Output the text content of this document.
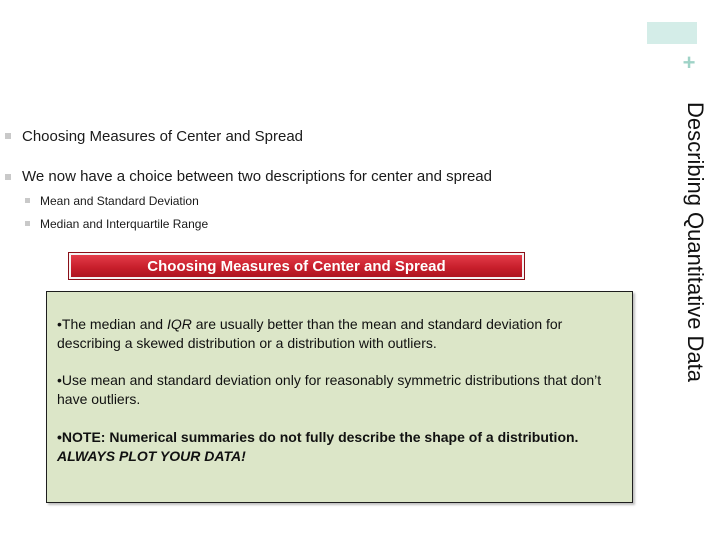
+
Describing Quantitative Data
Choosing Measures of Center and Spread
We now have a choice between two descriptions for center and spread
Mean and Standard Deviation
Median and Interquartile Range
Choosing Measures of Center and Spread
•The median and IQR are usually better than the mean and standard deviation for describing a skewed distribution or a distribution with outliers.
•Use mean and standard deviation only for reasonably symmetric distributions that don’t have outliers.
•NOTE: Numerical summaries do not fully describe the shape of a distribution. ALWAYS PLOT YOUR DATA!
